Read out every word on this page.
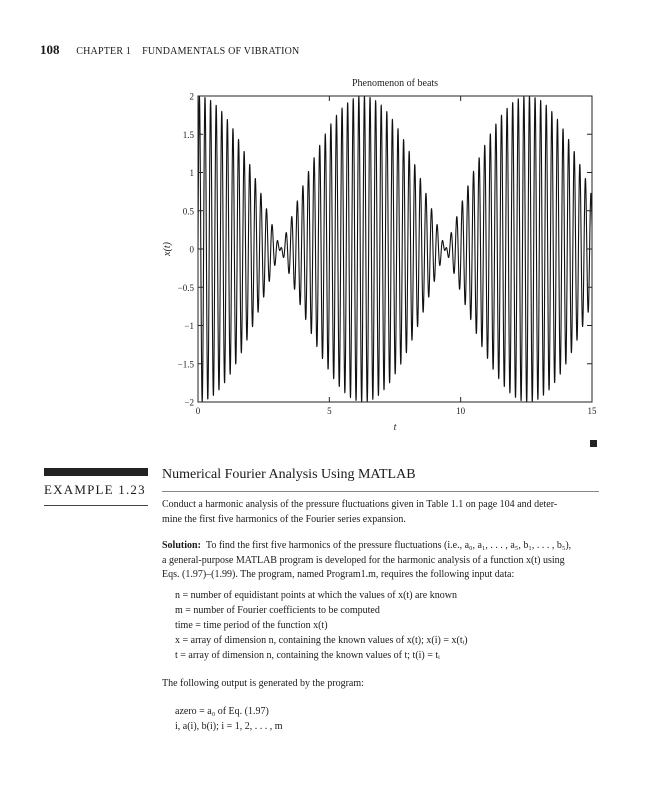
108 CHAPTER 1 FUNDAMENTALS OF VIBRATION
Phenomenon of beats
2
1.5
1
0.5
0
−0.5
−1
−1.5
−2
0	5	10	15
t
x(t)
EXAMPLE 1.23
Numerical Fourier Analysis Using MATLAB
Conduct a harmonic analysis of the pressure fluctuations given in Table 1.1 on page 104 and deter-
mine the first five harmonics of the Fourier series expansion.
Solution: To find the first five harmonics of the pressure fluctuations (i.e., a₀, a₁, . . . , a₅, b₁, . . . , b₅),
a general-purpose MATLAB program is developed for the harmonic analysis of a function x(t) using
Eqs. (1.97)–(1.99). The program, named Program1.m, requires the following input data:
n = number of equidistant points at which the values of x(t) are known
m = number of Fourier coefficients to be computed
time = time period of the function x(t)
x = array of dimension n, containing the known values of x(t); x(i) = x(tᵢ)
t = array of dimension n, containing the known values of t; t(i) = tᵢ
The following output is generated by the program:
azero = a₀ of Eq. (1.97)
i, a(i), b(i); i = 1, 2, . . . , m
